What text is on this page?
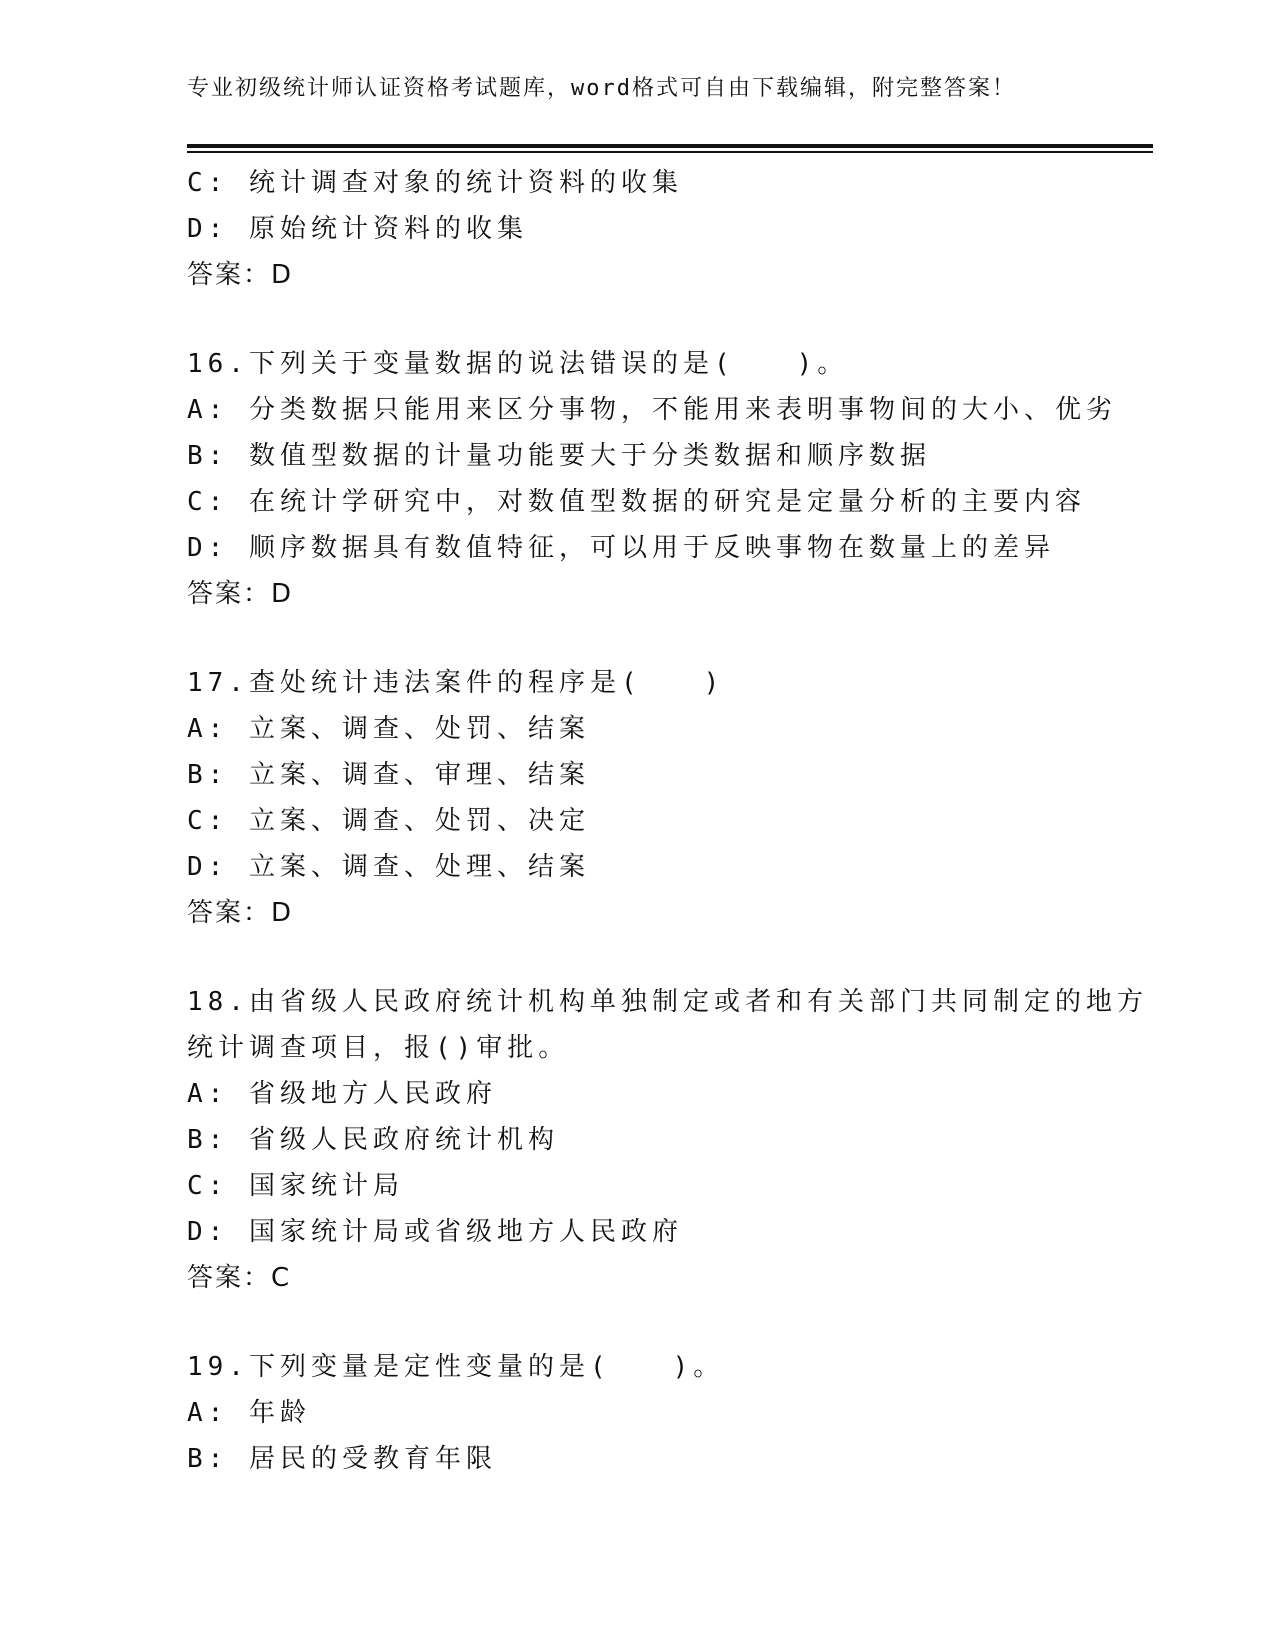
专业初级统计师认证资格考试题库，word格式可自由下载编辑，附完整答案！
C: 统计调查对象的统计资料的收集
D: 原始统计资料的收集
答案：D
16.下列关于变量数据的说法错误的是(　　)。
A: 分类数据只能用来区分事物，不能用来表明事物间的大小、优劣
B: 数值型数据的计量功能要大于分类数据和顺序数据
C: 在统计学研究中，对数值型数据的研究是定量分析的主要内容
D: 顺序数据具有数值特征，可以用于反映事物在数量上的差异
答案：D
17.查处统计违法案件的程序是(　　)
A: 立案、调查、处罚、结案
B: 立案、调查、审理、结案
C: 立案、调查、处罚、决定
D: 立案、调查、处理、结案
答案：D
18.由省级人民政府统计机构单独制定或者和有关部门共同制定的地方
统计调查项目，报()审批。
A: 省级地方人民政府
B: 省级人民政府统计机构
C: 国家统计局
D: 国家统计局或省级地方人民政府
答案：C
19.下列变量是定性变量的是(　　)。
A: 年龄
B: 居民的受教育年限
